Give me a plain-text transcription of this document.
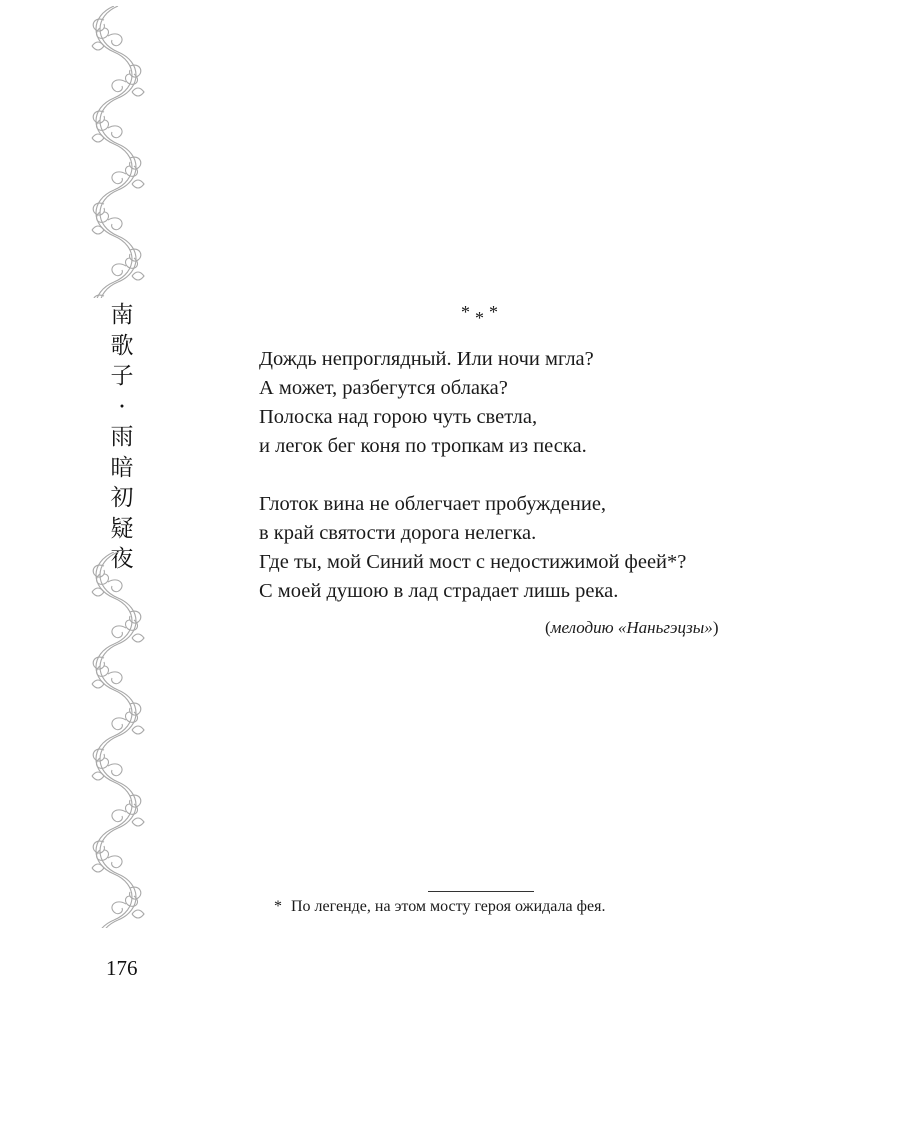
南
歌
子
·
雨
暗
初
疑
夜
* * *
Дождь непроглядный. Или ночи мгла?
А может, разбегутся облака?
Полоска над горою чуть светла,
и легок бег коня по тропкам из песка.
Глоток вина не облегчает пробуждение,
в край святости дорога нелегка.
Где ты, мой Синий мост с недостижимой феей*?
С моей душою в лад страдает лишь река.
(мелодию «Наньгэцзы»)
* По легенде, на этом мосту героя ожидала фея.
176
